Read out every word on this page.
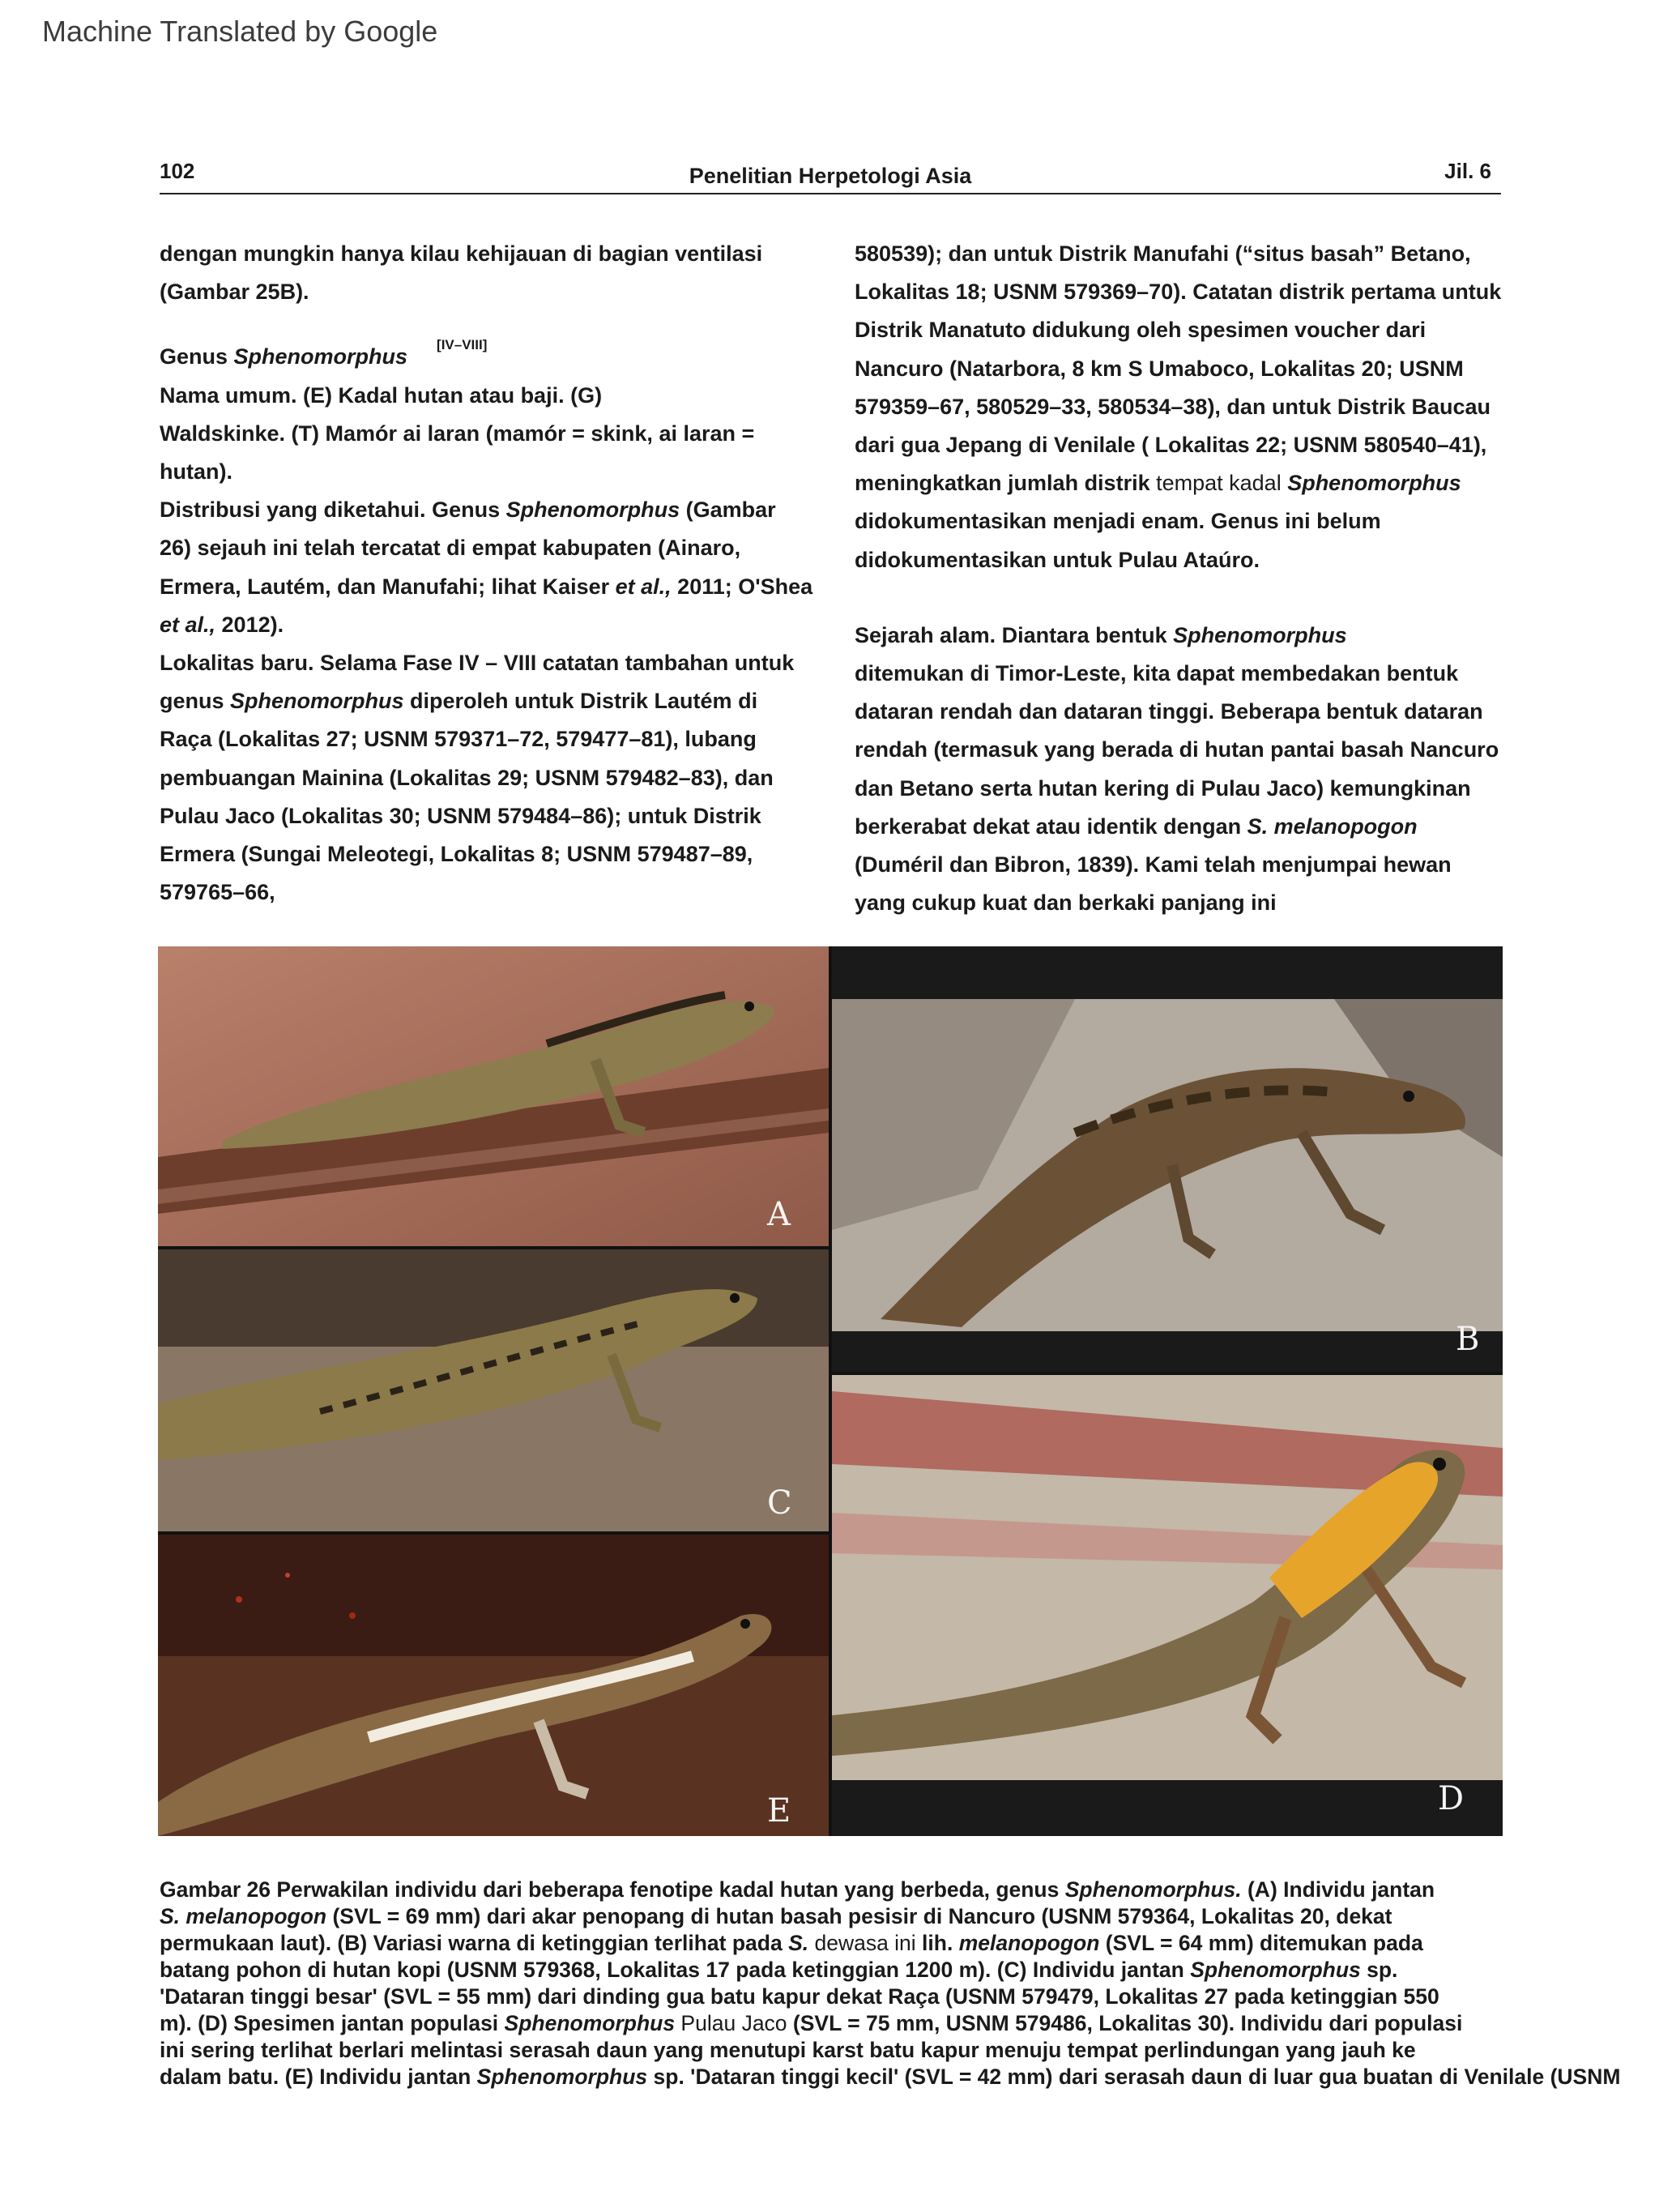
Machine Translated by Google
102	Penelitian Herpetologi Asia	Jil. 6

dengan mungkin hanya kilau kehijauan di bagian ventilasi

(Gambar 25B).

Genus Sphenomorphus [IV–VIII]

Nama umum. (E) Kadal hutan atau baji. (G)

Waldskinke. (T) Mamór ai laran (mamór = skink, ai laran =

hutan).

Distribusi yang diketahui. Genus Sphenomorphus (Gambar

26) sejauh ini telah tercatat di empat kabupaten (Ainaro,

Ermera, Lautém, dan Manufahi; lihat Kaiser et al., 2011; O'Shea

et al., 2012).

Lokalitas baru. Selama Fase IV – VIII catatan tambahan untuk

genus Sphenomorphus diperoleh untuk Distrik Lautém di

Raça (Lokalitas 27; USNM 579371–72, 579477–81), lubang

pembuangan Mainina (Lokalitas 29; USNM 579482–83), dan

Pulau Jaco (Lokalitas 30; USNM 579484–86); untuk Distrik

Ermera (Sungai Meleotegi, Lokalitas 8; USNM 579487–89,

579765–66,

580539); dan untuk Distrik Manufahi (“situs basah” Betano,

Lokalitas 18; USNM 579369–70). Catatan distrik pertama untuk

Distrik Manatuto didukung oleh spesimen voucher dari

Nancuro (Natarbora, 8 km S Umaboco, Lokalitas 20; USNM

579359–67, 580529–33, 580534–38), dan untuk Distrik Baucau

dari gua Jepang di Venilale ( Lokalitas 22; USNM 580540–41),

meningkatkan jumlah distrik tempat kadal Sphenomorphus

didokumentasikan menjadi enam. Genus ini belum

didokumentasikan untuk Pulau Ataúro.

Sejarah alam. Diantara bentuk Sphenomorphus

ditemukan di Timor-Leste, kita dapat membedakan bentuk

dataran rendah dan dataran tinggi. Beberapa bentuk dataran

rendah (termasuk yang berada di hutan pantai basah Nancuro

dan Betano serta hutan kering di Pulau Jaco) kemungkinan

berkerabat dekat atau identik dengan S. melanopogon

(Duméril dan Bibron, 1839). Kami telah menjumpai hewan

yang cukup kuat dan berkaki panjang ini

A
B
C
D
E
Gambar 26 Perwakilan individu dari beberapa fenotipe kadal hutan yang berbeda, genus Sphenomorphus. (A) Individu jantan
S. melanopogon (SVL = 69 mm) dari akar penopang di hutan basah pesisir di Nancuro (USNM 579364, Lokalitas 20, dekat
permukaan laut). (B) Variasi warna di ketinggian terlihat pada S. dewasa ini lih. melanopogon (SVL = 64 mm) ditemukan pada
batang pohon di hutan kopi (USNM 579368, Lokalitas 17 pada ketinggian 1200 m). (C) Individu jantan Sphenomorphus sp.
'Dataran tinggi besar' (SVL = 55 mm) dari dinding gua batu kapur dekat Raça (USNM 579479, Lokalitas 27 pada ketinggian 550
m). (D) Spesimen jantan populasi Sphenomorphus Pulau Jaco (SVL = 75 mm, USNM 579486, Lokalitas 30). Individu dari populasi
ini sering terlihat berlari melintasi serasah daun yang menutupi karst batu kapur menuju tempat perlindungan yang jauh ke
dalam batu. (E) Individu jantan Sphenomorphus sp. 'Dataran tinggi kecil' (SVL = 42 mm) dari serasah daun di luar gua buatan di Venilale (USNM
